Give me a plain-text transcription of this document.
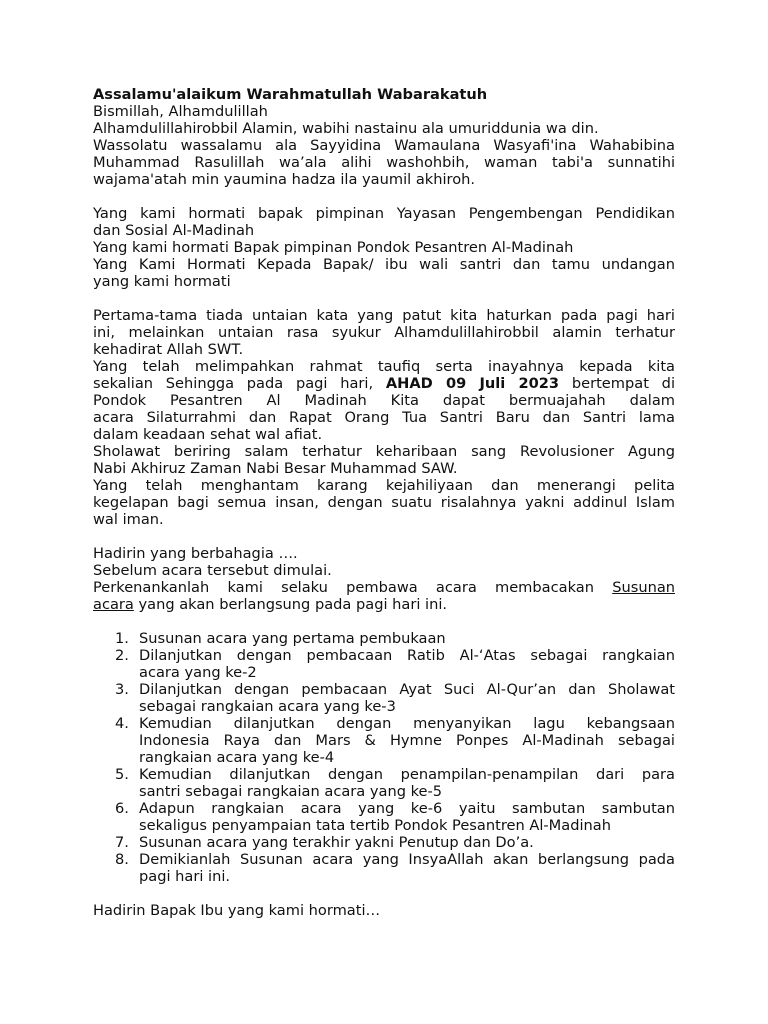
Assalamu'alaikum Warahmatullah Wabarakatuh
Bismillah, Alhamdulillah
Alhamdulillahirobbil Alamin, wabihi nastainu ala umuriddunia wa din.
Wassolatu wassalamu ala Sayyidina Wamaulana Wasyafi'ina Wahabibina
Muhammad Rasulillah wa’ala alihi washohbih, waman tabi'a sunnatihi
wajama'atah min yaumina hadza ila yaumil akhiroh.
Yang kami hormati bapak pimpinan Yayasan Pengembengan Pendidikan
dan Sosial Al-Madinah
Yang kami hormati Bapak pimpinan Pondok Pesantren Al-Madinah
Yang Kami Hormati Kepada Bapak/ ibu wali santri dan tamu undangan
yang kami hormati
Pertama-tama tiada untaian kata yang patut kita haturkan pada pagi hari
ini, melainkan untaian rasa syukur Alhamdulillahirobbil alamin terhatur
kehadirat Allah SWT.
Yang telah melimpahkan rahmat taufiq serta inayahnya kepada kita
sekalian Sehingga pada pagi hari, AHAD 09 Juli 2023 bertempat di
Pondok Pesantren Al Madinah Kita dapat bermuajahah dalam
acara Silaturrahmi dan Rapat Orang Tua Santri Baru dan Santri lama
dalam keadaan sehat wal afiat.
Sholawat beriring salam terhatur keharibaan sang Revolusioner Agung
Nabi Akhiruz Zaman Nabi Besar Muhammad SAW.
Yang telah menghantam karang kejahiliyaan dan menerangi pelita
kegelapan bagi semua insan, dengan suatu risalahnya yakni addinul Islam
wal iman.
Hadirin yang berbahagia ….
Sebelum acara tersebut dimulai.
Perkenankanlah kami selaku pembawa acara membacakan Susunan
acara yang akan berlangsung pada pagi hari ini.
1. Susunan acara yang pertama pembukaan
2. Dilanjutkan dengan pembacaan Ratib Al-‘Atas sebagai rangkaian
acara yang ke-2
3. Dilanjutkan dengan pembacaan Ayat Suci Al-Qur’an dan Sholawat
sebagai rangkaian acara yang ke-3
4. Kemudian dilanjutkan dengan menyanyikan lagu kebangsaan
Indonesia Raya dan Mars & Hymne Ponpes Al-Madinah sebagai
rangkaian acara yang ke-4
5. Kemudian dilanjutkan dengan penampilan-penampilan dari para
santri sebagai rangkaian acara yang ke-5
6. Adapun rangkaian acara yang ke-6 yaitu sambutan sambutan
sekaligus penyampaian tata tertib Pondok Pesantren Al-Madinah
7. Susunan acara yang terakhir yakni Penutup dan Do’a.
8. Demikianlah Susunan acara yang InsyaAllah akan berlangsung pada
pagi hari ini.
Hadirin Bapak Ibu yang kami hormati…
